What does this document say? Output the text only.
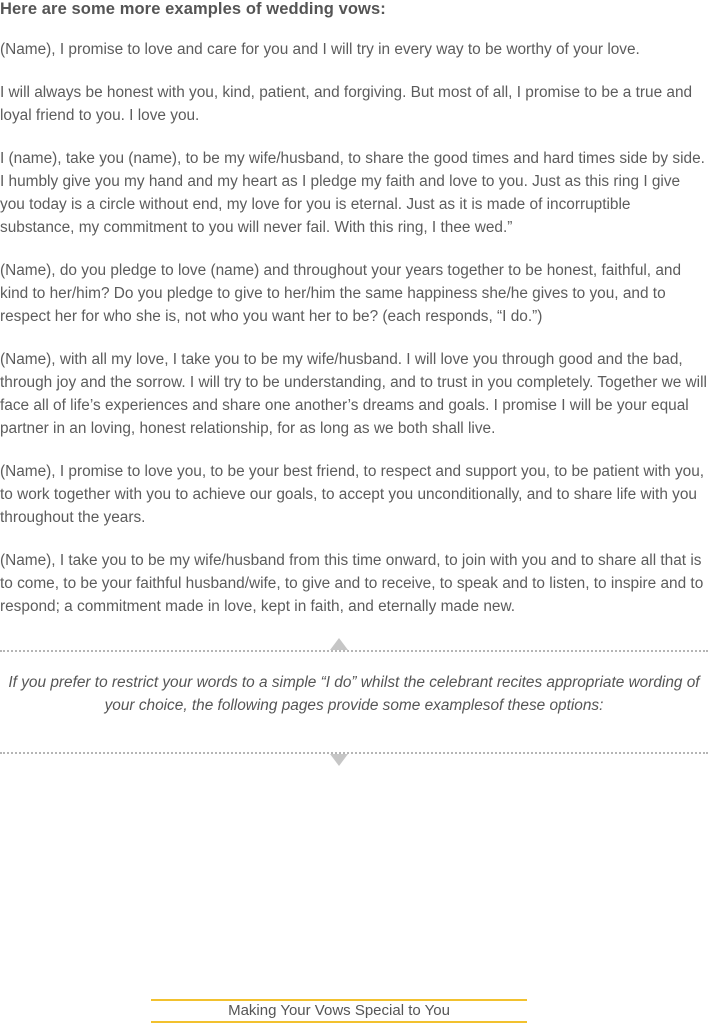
Here are some more examples of wedding vows:

(Name), I promise to love and care for you and I will try in every way to be worthy of your love.

I will always be honest with you, kind, patient, and forgiving. But most of all, I promise to be a true and loyal friend to you. I love you.

I (name), take you (name), to be my wife/husband, to share the good times and hard times side by side. I humbly give you my hand and my heart as I pledge my faith and love to you. Just as this ring I give you today is a circle without end, my love for you is eternal. Just as it is made of incorruptible substance, my commitment to you will never fail. With this ring, I thee wed.”

(Name), do you pledge to love (name) and throughout your years together to be honest, faithful, and kind to her/him? Do you pledge to give to her/him the same happiness she/he gives to you, and to respect her for who she is, not who you want her to be? (each responds, “I do.”)

(Name), with all my love, I take you to be my wife/husband. I will love you through good and the bad, through joy and the sorrow. I will try to be understanding, and to trust in you completely. Together we will face all of life’s experiences and share one another’s dreams and goals. I promise I will be your equal partner in an loving, honest relationship, for as long as we both shall live.

(Name), I promise to love you, to be your best friend, to respect and support you, to be patient with you, to work together with you to achieve our goals, to accept you unconditionally, and to share life with you throughout the years.

(Name), I take you to be my wife/husband from this time onward, to join with you and to share all that is to come, to be your faithful husband/wife, to give and to receive, to speak and to listen, to inspire and to respond; a commitment made in love, kept in faith, and eternally made new.

If you prefer to restrict your words to a simple “I do” whilst the celebrant recites appropriate wording of your choice, the following pages provide some examplesof these options:

Making Your Vows Special to You
